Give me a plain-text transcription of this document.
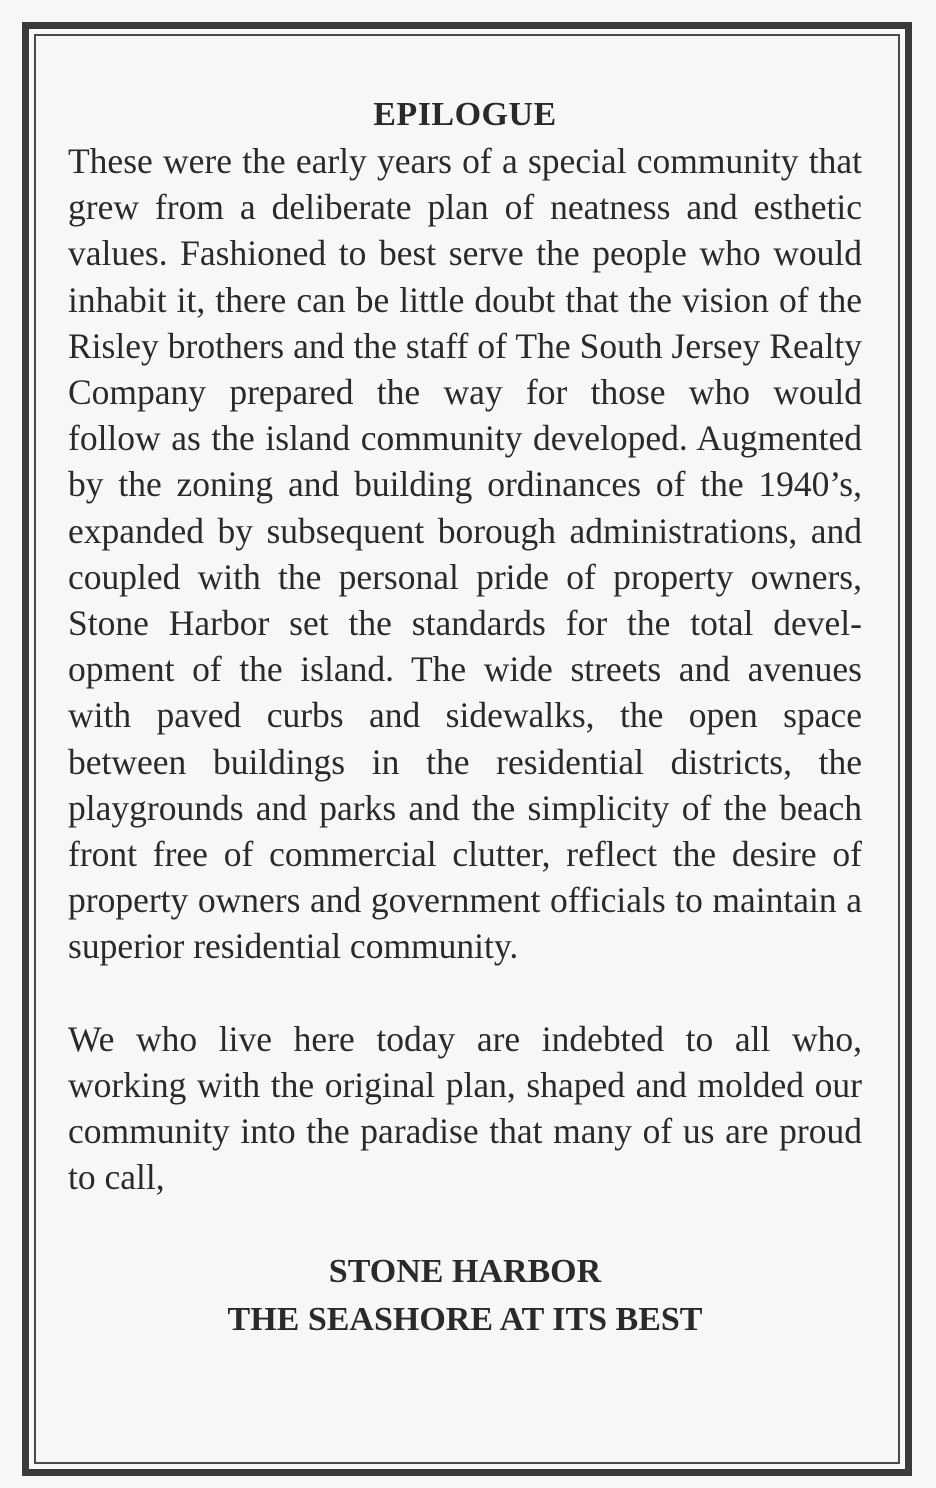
EPILOGUE

These were the early years of a special community that grew from a deliberate plan of neatness and esthetic values. Fashioned to best serve the people who would inhabit it, there can be little doubt that the vision of the Risley brothers and the staff of The South Jersey Realty Company prepared the way for those who would follow as the island community developed. Augmented by the zoning and building ordinances of the 1940’s, expanded by subsequent borough administrations, and coupled with the personal pride of property owners, Stone Harbor set the standards for the total development of the island. The wide streets and avenues with paved curbs and sidewalks, the open space between buildings in the residential districts, the playgrounds and parks and the simplicity of the beach front free of commercial clutter, reflect the desire of property owners and government officials to maintain a superior residential community.

We who live here today are indebted to all who, working with the original plan, shaped and molded our community into the paradise that many of us are proud to call,

STONE HARBOR

THE SEASHORE AT ITS BEST
